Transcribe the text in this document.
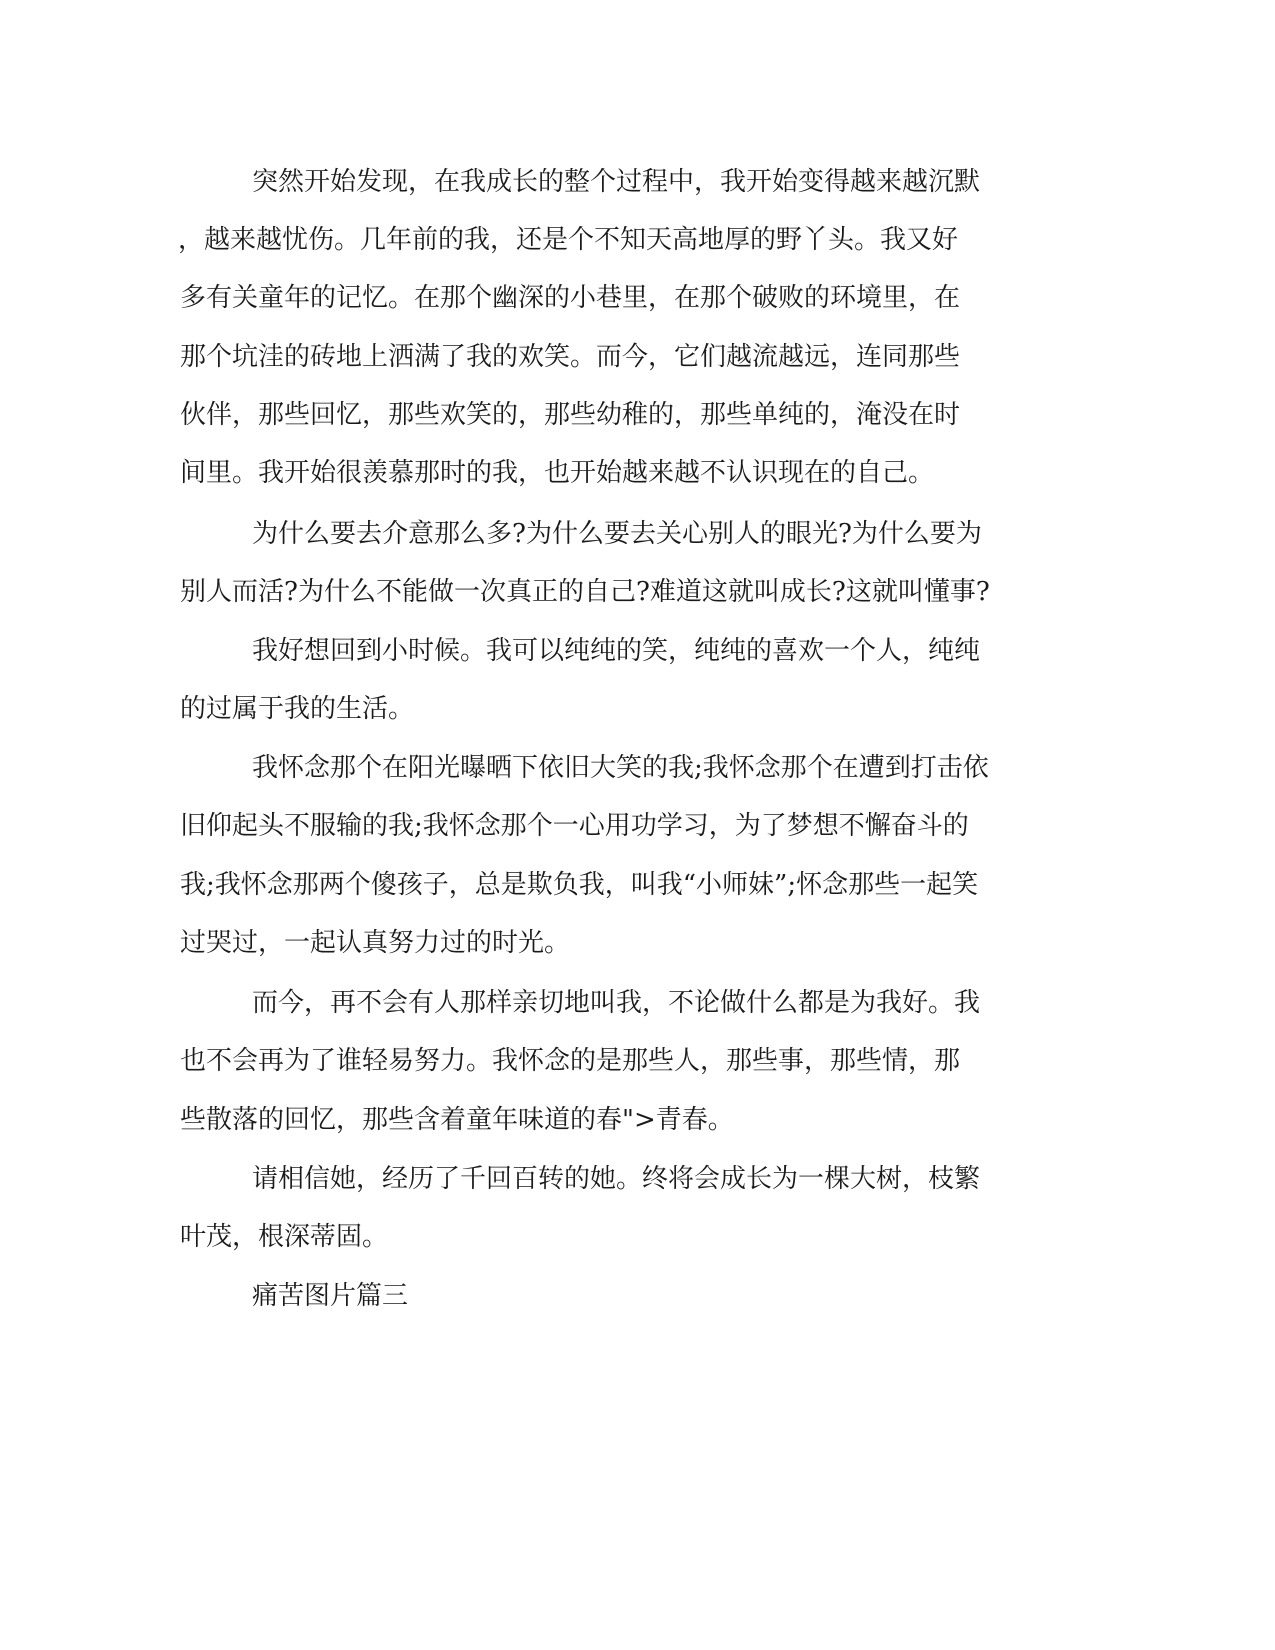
突然开始发现，在我成长的整个过程中，我开始变得越来越沉默
，越来越忧伤。几年前的我，还是个不知天高地厚的野丫头。我又好
多有关童年的记忆。在那个幽深的小巷里，在那个破败的环境里，在
那个坑洼的砖地上洒满了我的欢笑。而今，它们越流越远，连同那些
伙伴，那些回忆，那些欢笑的，那些幼稚的，那些单纯的，淹没在时
间里。我开始很羡慕那时的我，也开始越来越不认识现在的自己。
为什么要去介意那么多?为什么要去关心别人的眼光?为什么要为
别人而活?为什么不能做一次真正的自己?难道这就叫成长?这就叫懂事?
我好想回到小时候。我可以纯纯的笑，纯纯的喜欢一个人，纯纯
的过属于我的生活。
我怀念那个在阳光曝晒下依旧大笑的我;我怀念那个在遭到打击依
旧仰起头不服输的我;我怀念那个一心用功学习，为了梦想不懈奋斗的
我;我怀念那两个傻孩子，总是欺负我，叫我“小师妹”;怀念那些一起笑
过哭过，一起认真努力过的时光。
而今，再不会有人那样亲切地叫我，不论做什么都是为我好。我
也不会再为了谁轻易努力。我怀念的是那些人，那些事，那些情，那
些散落的回忆，那些含着童年味道的春">青春。
请相信她，经历了千回百转的她。终将会成长为一棵大树，枝繁
叶茂，根深蒂固。
痛苦图片篇三
